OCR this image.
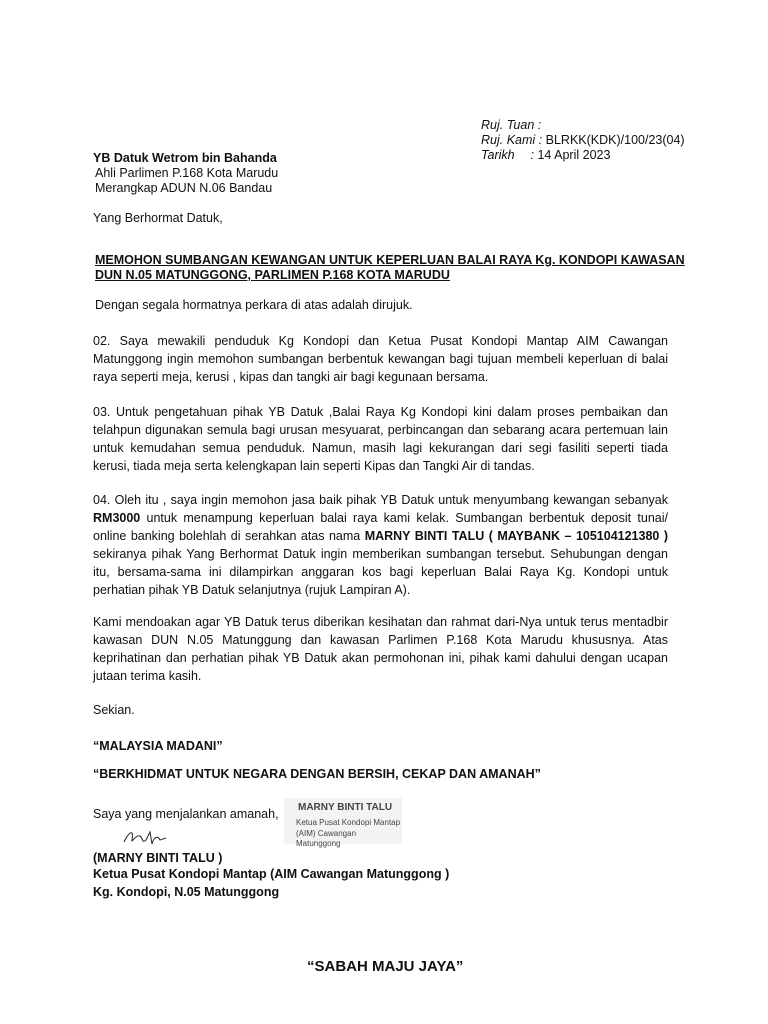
Ruj. Tuan :
Ruj. Kami : BLRKK(KDK)/100/23(04)
Tarikh : 14 April 2023
YB Datuk Wetrom bin Bahanda
Ahli Parlimen P.168 Kota Marudu
Merangkap ADUN N.06 Bandau
Yang Berhormat Datuk,
MEMOHON SUMBANGAN KEWANGAN UNTUK KEPERLUAN BALAI RAYA Kg. KONDOPI KAWASAN
DUN N.05 MATUNGGONG, PARLIMEN P.168 KOTA MARUDU
Dengan segala hormatnya perkara di atas adalah dirujuk.
02. Saya mewakili penduduk Kg Kondopi dan Ketua Pusat Kondopi Mantap AIM Cawangan Matunggong ingin memohon sumbangan berbentuk kewangan bagi tujuan membeli keperluan di balai raya seperti meja, kerusi , kipas dan tangki air bagi kegunaan bersama.
03. Untuk pengetahuan pihak YB Datuk ,Balai Raya Kg Kondopi kini dalam proses pembaikan dan telahpun digunakan semula bagi urusan mesyuarat, perbincangan dan sebarang acara pertemuan lain untuk kemudahan semua penduduk. Namun, masih lagi kekurangan dari segi fasiliti seperti tiada kerusi, tiada meja serta kelengkapan lain seperti Kipas dan Tangki Air di tandas.
04. Oleh itu , saya ingin memohon jasa baik pihak YB Datuk untuk menyumbang kewangan sebanyak RM3000 untuk menampung keperluan balai raya kami kelak. Sumbangan berbentuk deposit tunai/ online banking bolehlah di serahkan atas nama MARNY BINTI TALU ( MAYBANK – 105104121380 ) sekiranya pihak Yang Berhormat Datuk ingin memberikan sumbangan tersebut. Sehubungan dengan itu, bersama-sama ini dilampirkan anggaran kos bagi keperluan Balai Raya Kg. Kondopi untuk perhatian pihak YB Datuk selanjutnya (rujuk Lampiran A).
Kami mendoakan agar YB Datuk terus diberikan kesihatan dan rahmat dari-Nya untuk terus mentadbir kawasan DUN N.05 Matunggung dan kawasan Parlimen P.168 Kota Marudu khususnya. Atas keprihatinan dan perhatian pihak YB Datuk akan permohonan ini, pihak kami dahului dengan ucapan jutaan terima kasih.
Sekian.
“MALAYSIA MADANI”
“BERKHIDMAT UNTUK NEGARA DENGAN BERSIH, CEKAP DAN AMANAH”
Saya yang menjalankan amanah, MARNY BINTI TALU
Ketua Pusat Kondopi Mantap
(AIM) Cawangan Matunggong
(MARNY BINTI TALU )
Ketua Pusat Kondopi Mantap (AIM Cawangan Matunggong )
Kg. Kondopi, N.05 Matunggong
“SABAH MAJU JAYA”
